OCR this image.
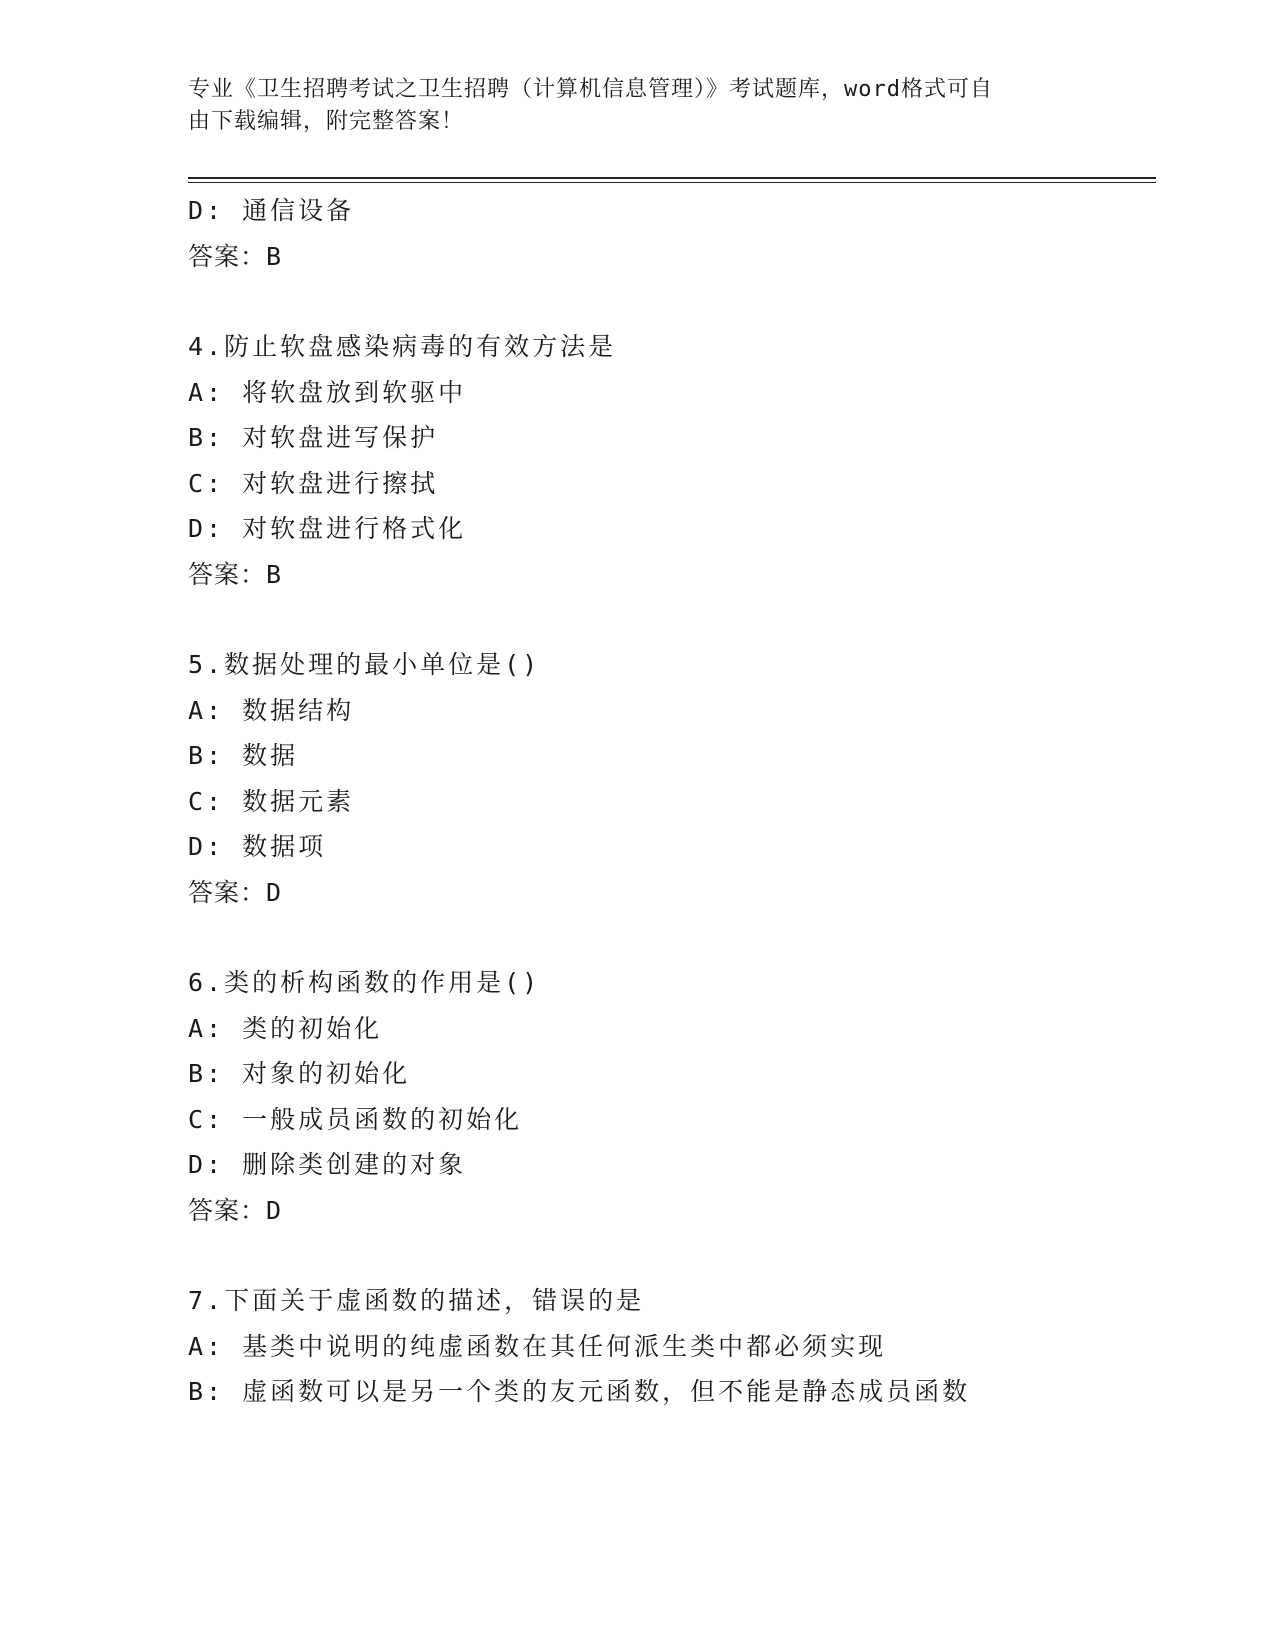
专业《卫生招聘考试之卫生招聘（计算机信息管理）》考试题库，word格式可自
由下载编辑，附完整答案！
D: 通信设备
答案：B
4.防止软盘感染病毒的有效方法是
A: 将软盘放到软驱中
B: 对软盘进写保护
C: 对软盘进行擦拭
D: 对软盘进行格式化
答案：B
5.数据处理的最小单位是()
A: 数据结构
B: 数据
C: 数据元素
D: 数据项
答案：D
6.类的析构函数的作用是()
A: 类的初始化
B: 对象的初始化
C: 一般成员函数的初始化
D: 删除类创建的对象
答案：D
7.下面关于虚函数的描述，错误的是
A: 基类中说明的纯虚函数在其任何派生类中都必须实现
B: 虚函数可以是另一个类的友元函数，但不能是静态成员函数
